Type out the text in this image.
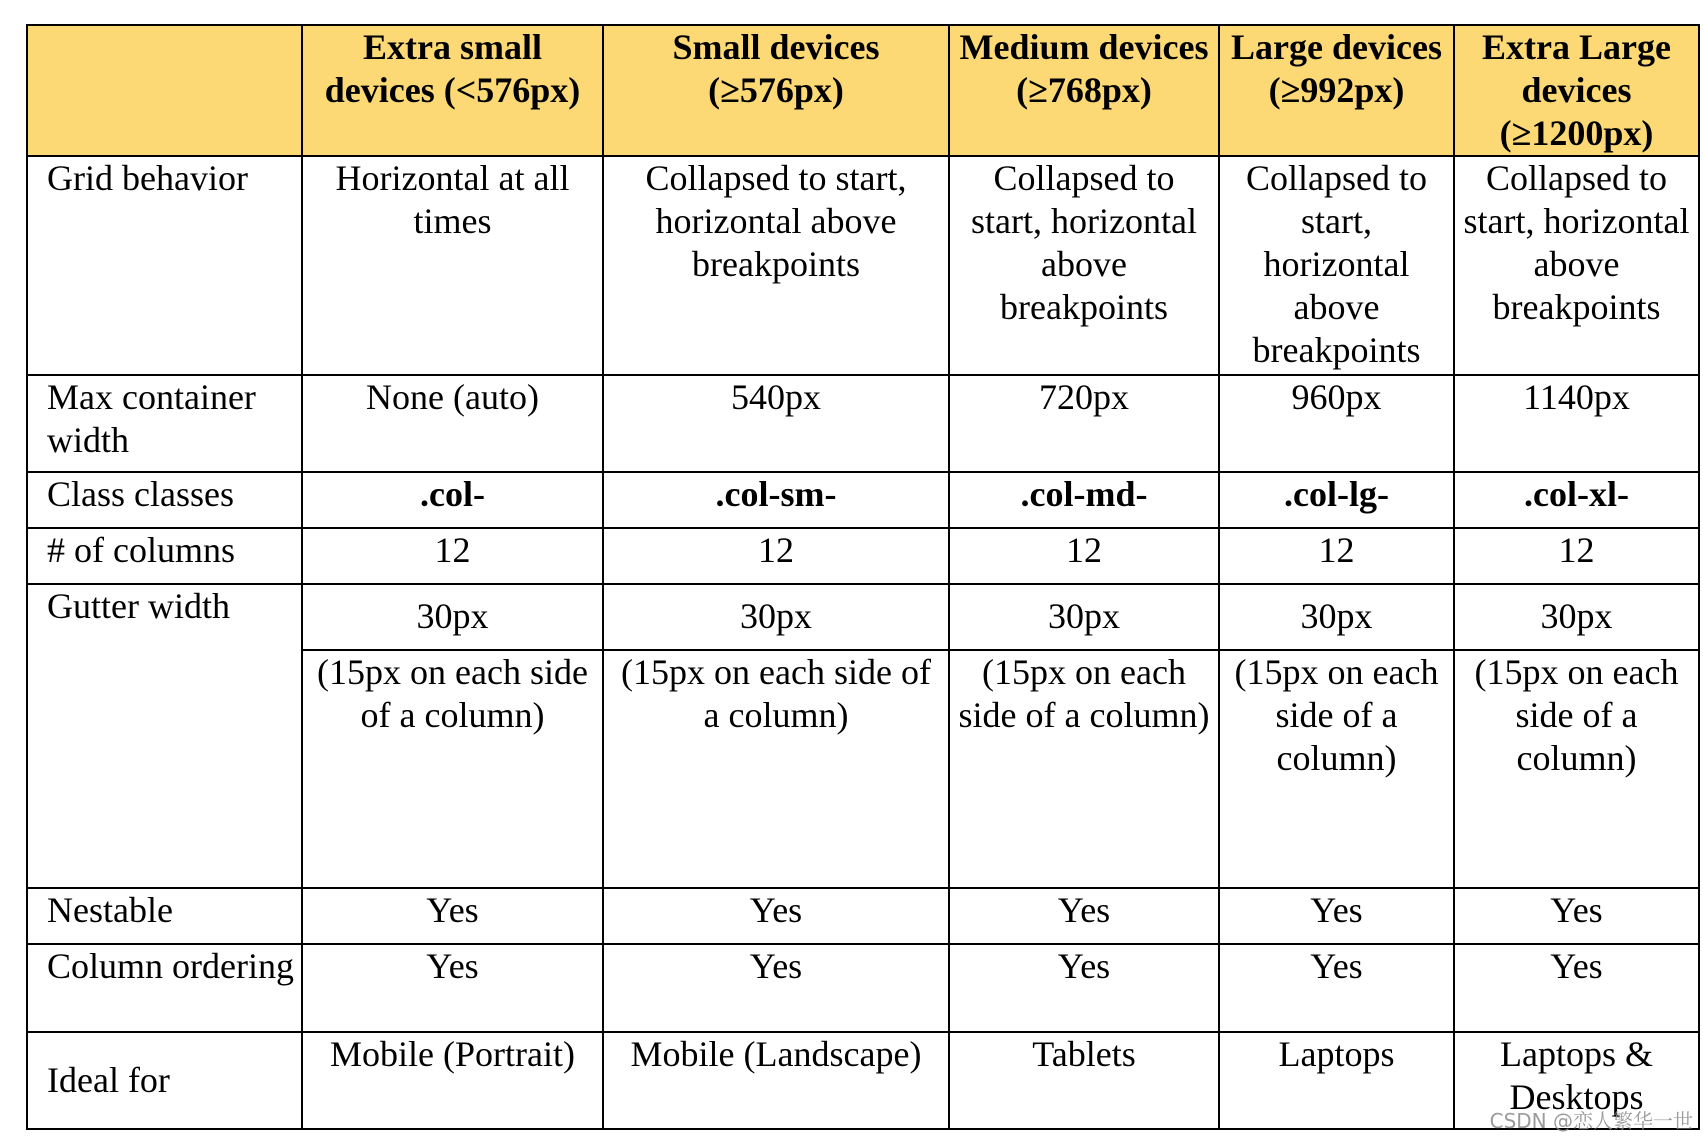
	Extra small devices (<576px)	Small devices (≥576px)	Medium devices (≥768px)	Large devices (≥992px)	Extra Large devices (≥1200px)
Grid behavior	Horizontal at all times	Collapsed to start, horizontal above breakpoints	Collapsed to start, horizontal above breakpoints	Collapsed to start, horizontal above breakpoints	Collapsed to start, horizontal above breakpoints
Max container width	None (auto)	540px	720px	960px	1140px
Class classes	.col-	.col-sm-	.col-md-	.col-lg-	.col-xl-
# of columns	12	12	12	12	12
Gutter width	30px	30px	30px	30px	30px
	(15px on each side of a column)	(15px on each side of a column)	(15px on each side of a column)	(15px on each side of a column)	(15px on each side of a column)
Nestable	Yes	Yes	Yes	Yes	Yes
Column ordering	Yes	Yes	Yes	Yes	Yes
Ideal for	Mobile (Portrait)	Mobile (Landscape)	Tablets	Laptops	Laptops & Desktops
CSDN @恋人繁华一世
